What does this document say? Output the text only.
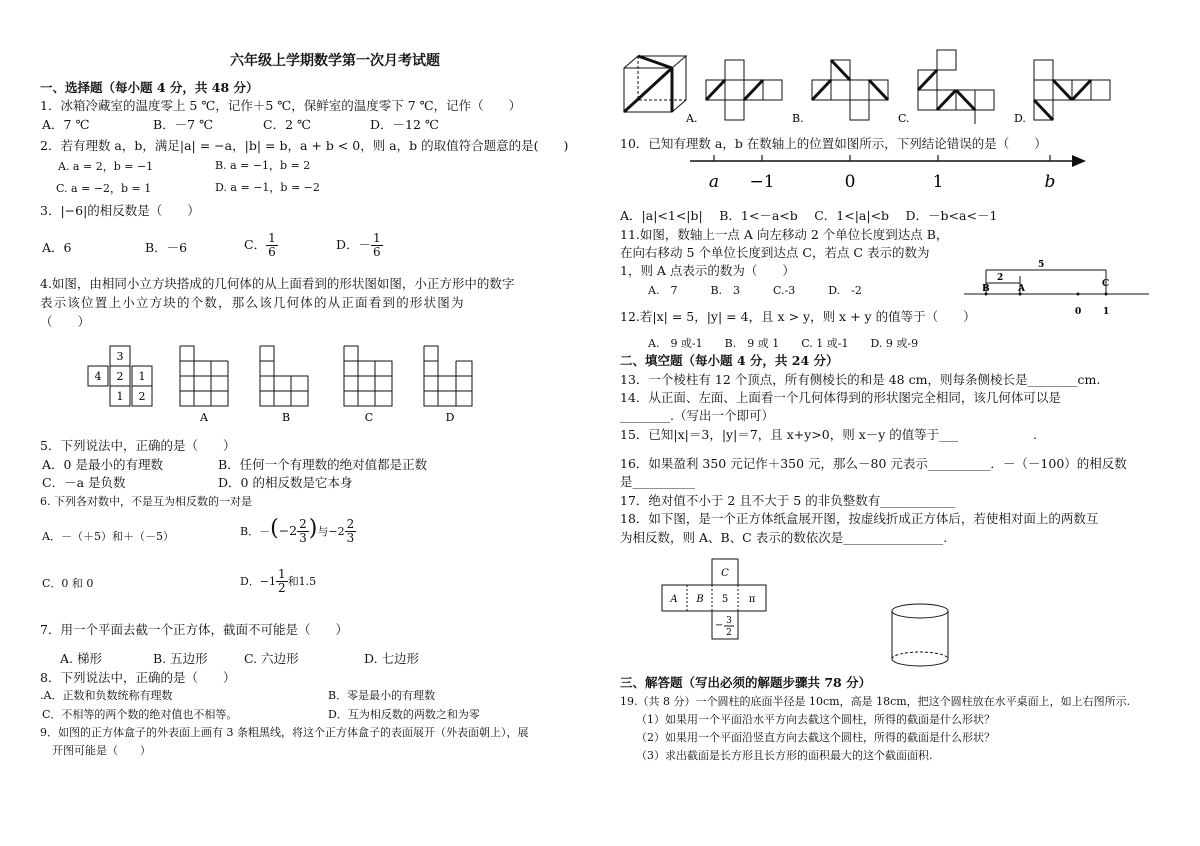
六年级上学期数学第一次月考试题
一、选择题（每小题 4 分，共 48 分）
1．冰箱冷藏室的温度零上 5 ℃，记作＋5 ℃，保鲜室的温度零下 7 ℃，记作（　　）
A．7 ℃	B．－7 ℃	C．2 ℃	D．－12 ℃
2．若有理数 a，b，满足|a| = −a，|b| = b，a + b < 0，则 a，b 的取值符合题意的是(　　)
A. a = 2，b = −1	B. a = −1，b = 2
C. a = −2，b = 1	D. a = −1，b = −2
3．|−6|的相反数是（　　）
A．6	B．－6	C． $\frac{1}{6}$	D．－ $\frac{1}{6}$
4.如图，由相同小立方块搭成的几何体的从上面看到的形状图如图，小正方形中的数字
表示该位置上小立方块的个数，那么该几何体的从正面看到的形状图为
（　　）
3
4 2 1
1 2
A	B	C	D
5．下列说法中，正确的是（　　）
A．0 是最小的有理数	B．任何一个有理数的绝对值都是正数
C．－a 是负数	D．0 的相反数是它本身
6. 下列各对数中，不是互为相反数的一对是
A．－（＋5）和＋（－5）	B．$-(-2 \frac{2}{3}$ )与$-2 \frac{2}{3}$
C．0 和 0	D．$-1 \frac{1}{2}$ 和1.5
7．用一个平面去截一个正方体，截面不可能是（　　）
A. 梯形	B. 五边形	C. 六边形	D. 七边形
8．下列说法中，正确的是（　　）
.A．正数和负数统称有理数	B．零是最小的有理数
C．不相等的两个数的绝对值也不相等。	D．互为相反数的两数之和为零
9．如图的正方体盒子的外表面上画有 3 条粗黑线，将这个正方体盒子的表面展开（外表面朝上），展
开图可能是（　　）
A.	B.	C.	D.
10．已知有理数 a，b 在数轴上的位置如图所示，下列结论错误的是（　　）
a −1	0	1	b
A．|a|<1<|b|　 B．1<－a<b　 C．1<|a|<b　 D．－b<a<－1
11.如图，数轴上一点 A 向左移动 2 个单位长度到达点 B，
在向右移动 5 个单位长度到达点 C，若点 C 表示的数为
1，则 A 点表示的数为（　　）
A.　7　　　B.　3　　　C.-3　　　D.　-2
5
2
B	A	C
0 1
12.若|x| = 5，|y| = 4，且 x > y，则 x + y 的值等于（　　）
A.　9 或-1　　B.　9 或 1　　C. 1 或-1　　D. 9 或-9
二、填空题（每小题 4 分，共 24 分）
13．一个棱柱有 12 个顶点，所有侧棱长的和是 48 cm，则每条侧棱长是________cm.
14．从正面、左面、上面看一个几何体得到的形状图完全相同，该几何体可以是
________.（写出一个即可）
15．已知|x|＝3，|y|＝7，且 x+y>0，则 x－y 的值等于___　　　　　　.
16．如果盈利 350 元记作＋350 元，那么－80 元表示__________．－（－100）的相反数
是__________
17．绝对值不小于 2 且不大于 5 的非负整数有____________
18．如下图，是一个正方体纸盒展开图，按虚线折成正方体后，若使相对面上的两数互
为相反数，则 A、B、C 表示的数依次是________________.
C
A B 5 π
− 3
2
三、解答题（写出必须的解题步骤共 78 分）
19.（共 8 分）一个圆柱的底面半径是 10cm，高是 18cm，把这个圆柱放在水平桌面上，如上右图所示.
（1）如果用一个平面沿水平方向去截这个圆柱，所得的截面是什么形状？
（2）如果用一个平面沿竖直方向去截这个圆柱，所得的截面是什么形状？
（3）求出截面是长方形且长方形的面积最大的这个截面面积.
